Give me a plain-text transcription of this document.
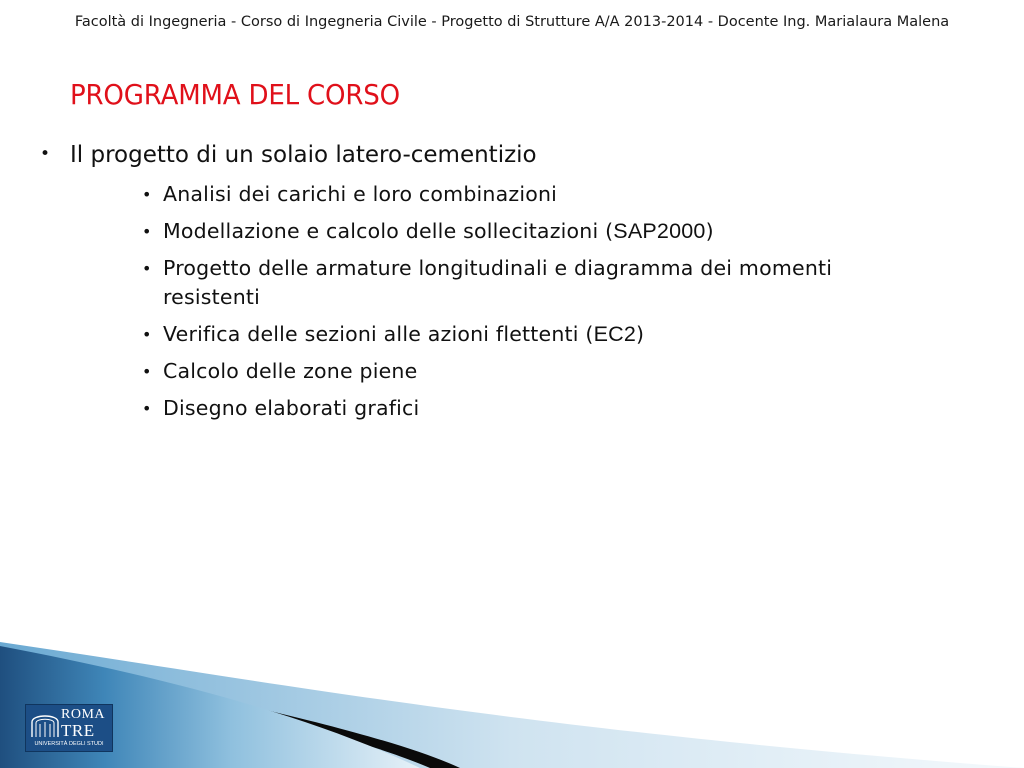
Facoltà di Ingegneria - Corso di Ingegneria Civile - Progetto di Strutture A/A 2013-2014 - Docente Ing. Marialaura Malena
PROGRAMMA DEL CORSO
• Il progetto di un solaio latero-cementizio
• Analisi dei carichi e loro combinazioni
• Modellazione e calcolo delle sollecitazioni (SAP2000)
• Progetto delle armature longitudinali e diagramma dei momenti resistenti
• Verifica delle sezioni alle azioni flettenti (EC2)
• Calcolo delle zone piene
• Disegno elaborati grafici
ROMA
TRE
UNIVERSITÀ DEGLI STUDI
